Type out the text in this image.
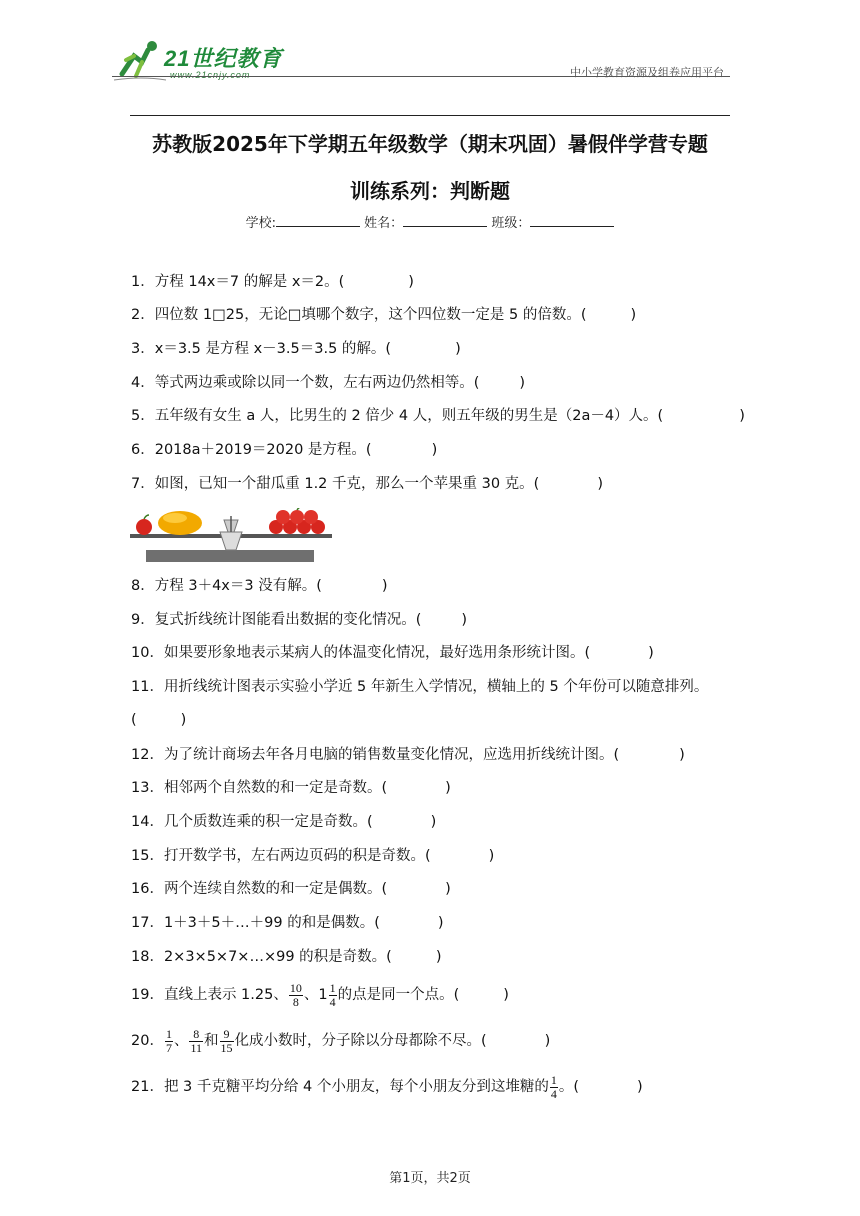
21世纪教育
www.21cnjy.com	中小学教育资源及组卷应用平台
苏教版2025年下学期五年级数学（期末巩固）暑假伴学营专题
训练系列：判断题
学校:	姓名：	班级：
1．方程 14x＝7 的解是 x＝2。(	)
2．四位数 1□25，无论□填哪个数字，这个四位数一定是 5 的倍数。(	)
3．x＝3.5 是方程 x－3.5＝3.5 的解。(	)
4．等式两边乘或除以同一个数，左右两边仍然相等。(	)
5．五年级有女生 a 人，比男生的 2 倍少 4 人，则五年级的男生是（2a－4）人。(	)
6．2018a＋2019＝2020 是方程。(	)
7．如图，已知一个甜瓜重 1.2 千克，那么一个苹果重 30 克。(	)
8．方程 3＋4x＝3 没有解。(	)
9．复式折线统计图能看出数据的变化情况。(	)
10．如果要形象地表示某病人的体温变化情况，最好选用条形统计图。(	)
11．用折线统计图表示实验小学近 5 年新生入学情况，横轴上的 5 个年份可以随意排列。
(	)
12．为了统计商场去年各月电脑的销售数量变化情况，应选用折线统计图。(	)
13．相邻两个自然数的和一定是奇数。(	)
14．几个质数连乘的积一定是奇数。(	)
15．打开数学书，左右两边页码的积是奇数。(	)
16．两个连续自然数的和一定是偶数。(	)
17．1＋3＋5＋…＋99 的和是偶数。(	)
18．2×3×5×7×…×99 的积是奇数。(	)
19．直线上表示 1.25、 $\frac{10}{8}$ 、$1 \frac{1}{4}$ 的点是同一个点。(	)
20． $\frac{1}{7}$ 、 $\frac{8}{11}$ 和 $\frac{9}{15}$ 化成小数时，分子除以分母都除不尽。(	)
21．把 3 千克糖平均分给 4 个小朋友，每个小朋友分到这堆糖的 $\frac{1}{4}$ 。(	)
第1页，共2页
